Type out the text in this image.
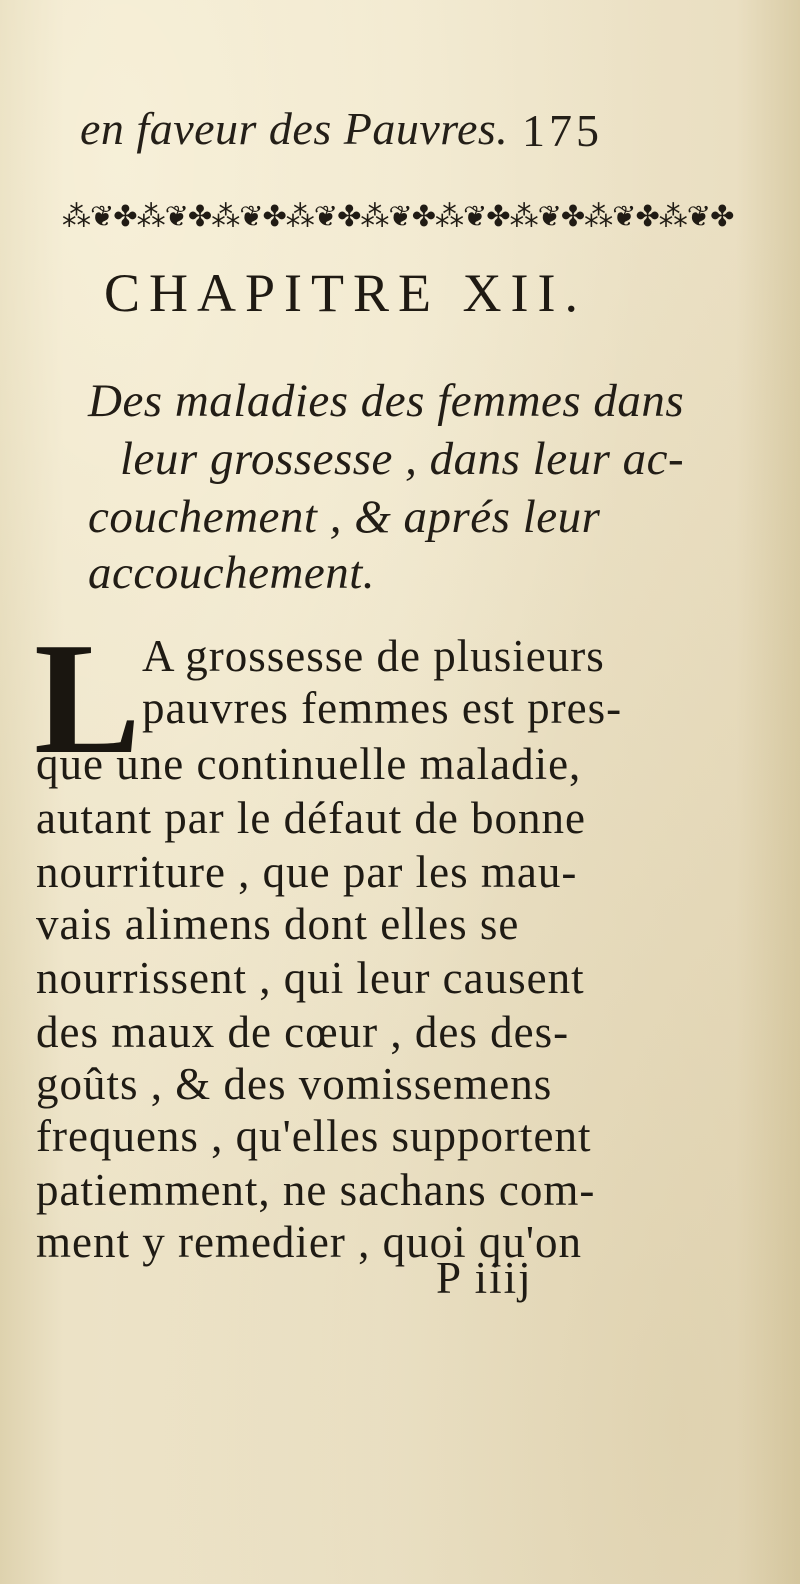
en faveur des Pauvres. 175
⁂❦✤⁂❦✤⁂❦✤⁂❦✤⁂❦✤⁂❦✤⁂❦✤⁂❦✤⁂❦✤
CHAPITRE XII.
Des maladies des femmes dans
leur grossesse , dans leur ac-
couchement , & aprés leur
accouchement.
L A grossesse de plusieurs
pauvres femmes est pres-
que une continuelle maladie,
autant par le défaut de bonne
nourriture , que par les mau-
vais alimens dont elles se
nourrissent , qui leur causent
des maux de cœur , des des-
goûts , & des vomissemens
frequens , qu'elles supportent
patiemment, ne sachans com-
ment y remedier , quoi qu'on
P iiij
